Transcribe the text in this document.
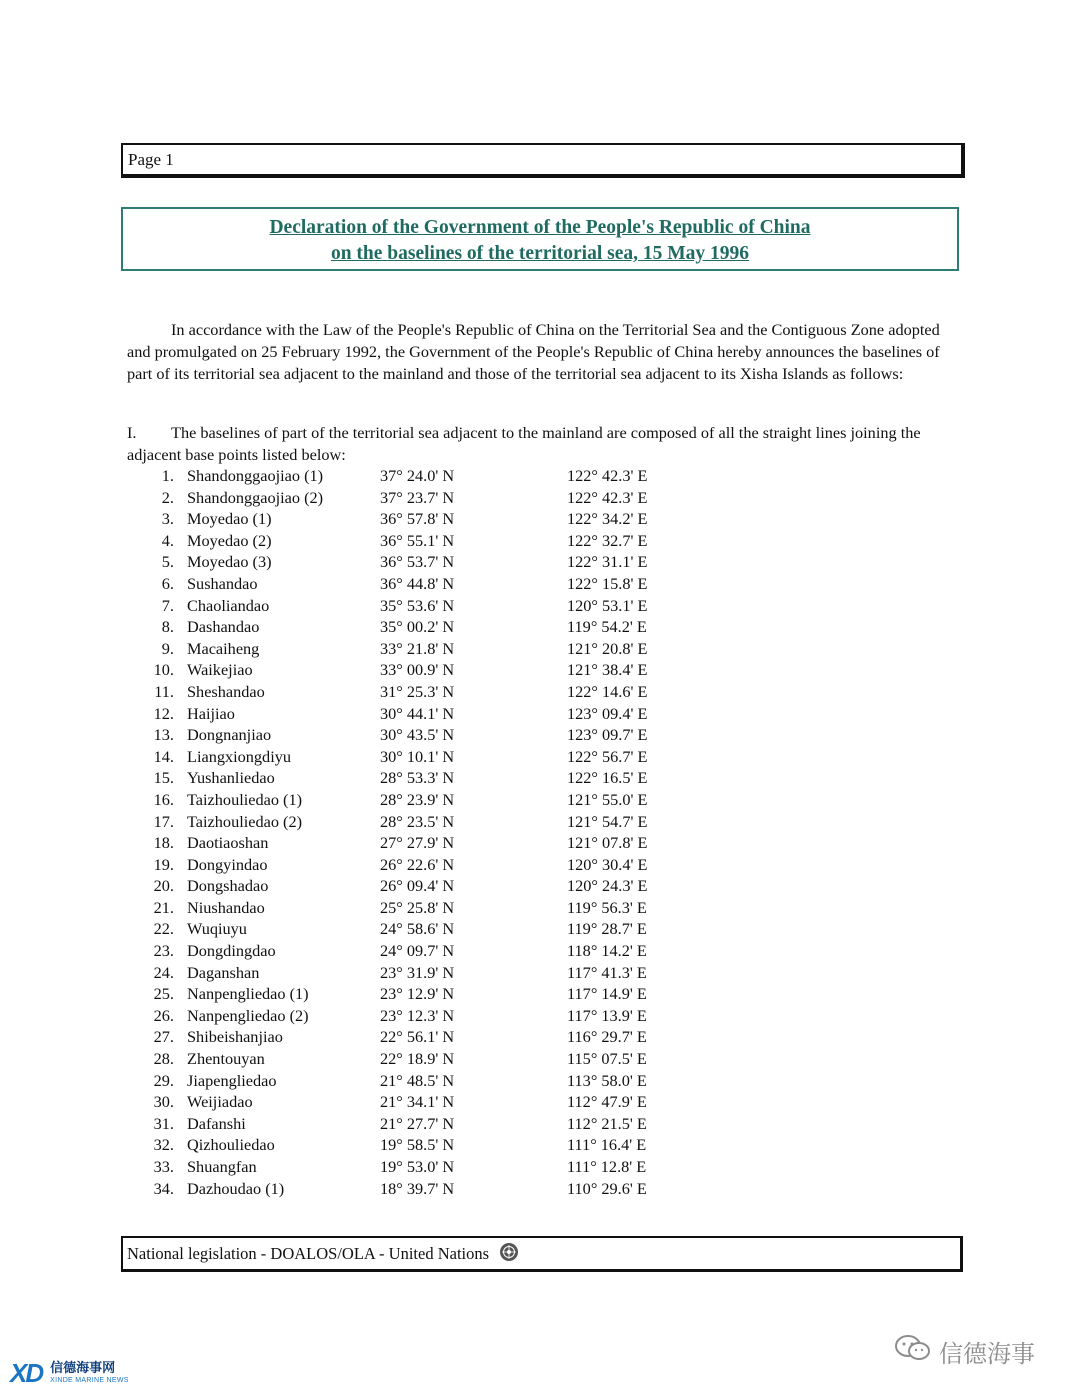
Page 1
Declaration of the Government of the People's Republic of China
on the baselines of the territorial sea, 15 May 1996

In accordance with the Law of the People's Republic of China on the Territorial Sea and the Contiguous Zone adopted and promulgated on 25 February 1992, the Government of the People's Republic of China hereby announces the baselines of part of its territorial sea adjacent to the mainland and those of the territorial sea adjacent to its Xisha Islands as follows:

I. The baselines of part of the territorial sea adjacent to the mainland are composed of all the straight lines joining the adjacent base points listed below:
1. Shandonggaojiao (1)	37° 24.0' N	122° 42.3' E
2. Shandonggaojiao (2)	37° 23.7' N	122° 42.3' E
3. Moyedao (1)	36° 57.8' N	122° 34.2' E
4. Moyedao (2)	36° 55.1' N	122° 32.7' E
5. Moyedao (3)	36° 53.7' N	122° 31.1' E
6. Sushandao	36° 44.8' N	122° 15.8' E
7. Chaoliandao	35° 53.6' N	120° 53.1' E
8. Dashandao	35° 00.2' N	119° 54.2' E
9. Macaiheng	33° 21.8' N	121° 20.8' E
10. Waikejiao	33° 00.9' N	121° 38.4' E
11. Sheshandao	31° 25.3' N	122° 14.6' E
12. Haijiao	30° 44.1' N	123° 09.4' E
13. Dongnanjiao	30° 43.5' N	123° 09.7' E
14. Liangxiongdiyu	30° 10.1' N	122° 56.7' E
15. Yushanliedao	28° 53.3' N	122° 16.5' E
16. Taizhouliedao (1)	28° 23.9' N	121° 55.0' E
17. Taizhouliedao (2)	28° 23.5' N	121° 54.7' E
18. Daotiaoshan	27° 27.9' N	121° 07.8' E
19. Dongyindao	26° 22.6' N	120° 30.4' E
20. Dongshadao	26° 09.4' N	120° 24.3' E
21. Niushandao	25° 25.8' N	119° 56.3' E
22. Wuqiuyu	24° 58.6' N	119° 28.7' E
23. Dongdingdao	24° 09.7' N	118° 14.2' E
24. Daganshan	23° 31.9' N	117° 41.3' E
25. Nanpengliedao (1)	23° 12.9' N	117° 14.9' E
26. Nanpengliedao (2)	23° 12.3' N	117° 13.9' E
27. Shibeishanjiao	22° 56.1' N	116° 29.7' E
28. Zhentouyan	22° 18.9' N	115° 07.5' E
29. Jiapengliedao	21° 48.5' N	113° 58.0' E
30. Weijiadao	21° 34.1' N	112° 47.9' E
31. Dafanshi	21° 27.7' N	112° 21.5' E
32. Qizhouliedao	19° 58.5' N	111° 16.4' E
33. Shuangfan	19° 53.0' N	111° 12.8' E
34. Dazhoudao (1)	18° 39.7' N	110° 29.6' E
National legislation - DOALOS/OLA - United Nations
XD 信德海事网
XINDE MARINE NEWS
信德海事
